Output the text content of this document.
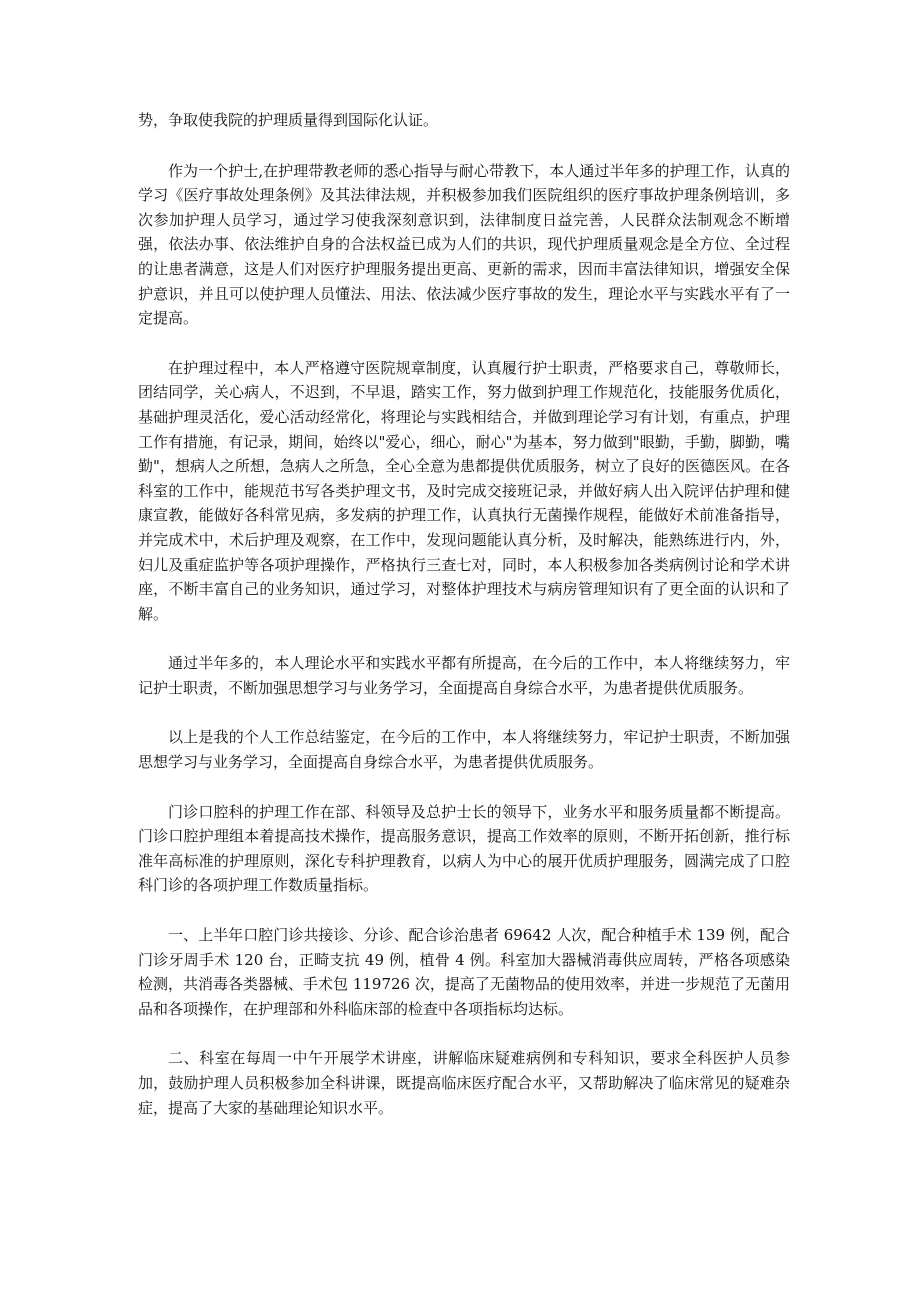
势，争取使我院的护理质量得到国际化认证。

作为一个护士,在护理带教老师的悉心指导与耐心带教下，本人通过半年多的护理工作，认真的学习《医疗事故处理条例》及其法律法规，并积极参加我们医院组织的医疗事故护理条例培训，多次参加护理人员学习，通过学习使我深刻意识到，法律制度日益完善，人民群众法制观念不断增强，依法办事、依法维护自身的合法权益已成为人们的共识，现代护理质量观念是全方位、全过程的让患者满意，这是人们对医疗护理服务提出更高、更新的需求，因而丰富法律知识，增强安全保护意识，并且可以使护理人员懂法、用法、依法减少医疗事故的发生，理论水平与实践水平有了一定提高。

在护理过程中，本人严格遵守医院规章制度，认真履行护士职责，严格要求自己，尊敬师长，团结同学，关心病人，不迟到，不早退，踏实工作，努力做到护理工作规范化，技能服务优质化，基础护理灵活化，爱心活动经常化，将理论与实践相结合，并做到理论学习有计划，有重点，护理工作有措施，有记录，期间，始终以"爱心，细心，耐心"为基本，努力做到"眼勤，手勤，脚勤，嘴勤"，想病人之所想，急病人之所急，全心全意为患都提供优质服务，树立了良好的医德医风。在各科室的工作中，能规范书写各类护理文书，及时完成交接班记录，并做好病人出入院评估护理和健康宣教，能做好各科常见病，多发病的护理工作，认真执行无菌操作规程，能做好术前准备指导，并完成术中，术后护理及观察，在工作中，发现问题能认真分析，及时解决，能熟练进行内，外，妇儿及重症监护等各项护理操作，严格执行三查七对，同时，本人积极参加各类病例讨论和学术讲座，不断丰富自己的业务知识，通过学习，对整体护理技术与病房管理知识有了更全面的认识和了解。

通过半年多的，本人理论水平和实践水平都有所提高，在今后的工作中，本人将继续努力，牢记护士职责，不断加强思想学习与业务学习，全面提高自身综合水平，为患者提供优质服务。

以上是我的个人工作总结鉴定，在今后的工作中，本人将继续努力，牢记护士职责，不断加强思想学习与业务学习，全面提高自身综合水平，为患者提供优质服务。

门诊口腔科的护理工作在部、科领导及总护士长的领导下，业务水平和服务质量都不断提高。门诊口腔护理组本着提高技术操作，提高服务意识，提高工作效率的原则，不断开拓创新，推行标准年高标准的护理原则，深化专科护理教育，以病人为中心的展开优质护理服务，圆满完成了口腔科门诊的各项护理工作数质量指标。

一、上半年口腔门诊共接诊、分诊、配合诊治患者 69642 人次，配合种植手术 139 例，配合门诊牙周手术 120 台，正畸支抗 49 例，植骨 4 例。科室加大器械消毒供应周转，严格各项感染检测，共消毒各类器械、手术包 119726 次，提高了无菌物品的使用效率，并进一步规范了无菌用品和各项操作，在护理部和外科临床部的检查中各项指标均达标。

二、科室在每周一中午开展学术讲座，讲解临床疑难病例和专科知识，要求全科医护人员参加，鼓励护理人员积极参加全科讲课，既提高临床医疗配合水平，又帮助解决了临床常见的疑难杂症，提高了大家的基础理论知识水平。
